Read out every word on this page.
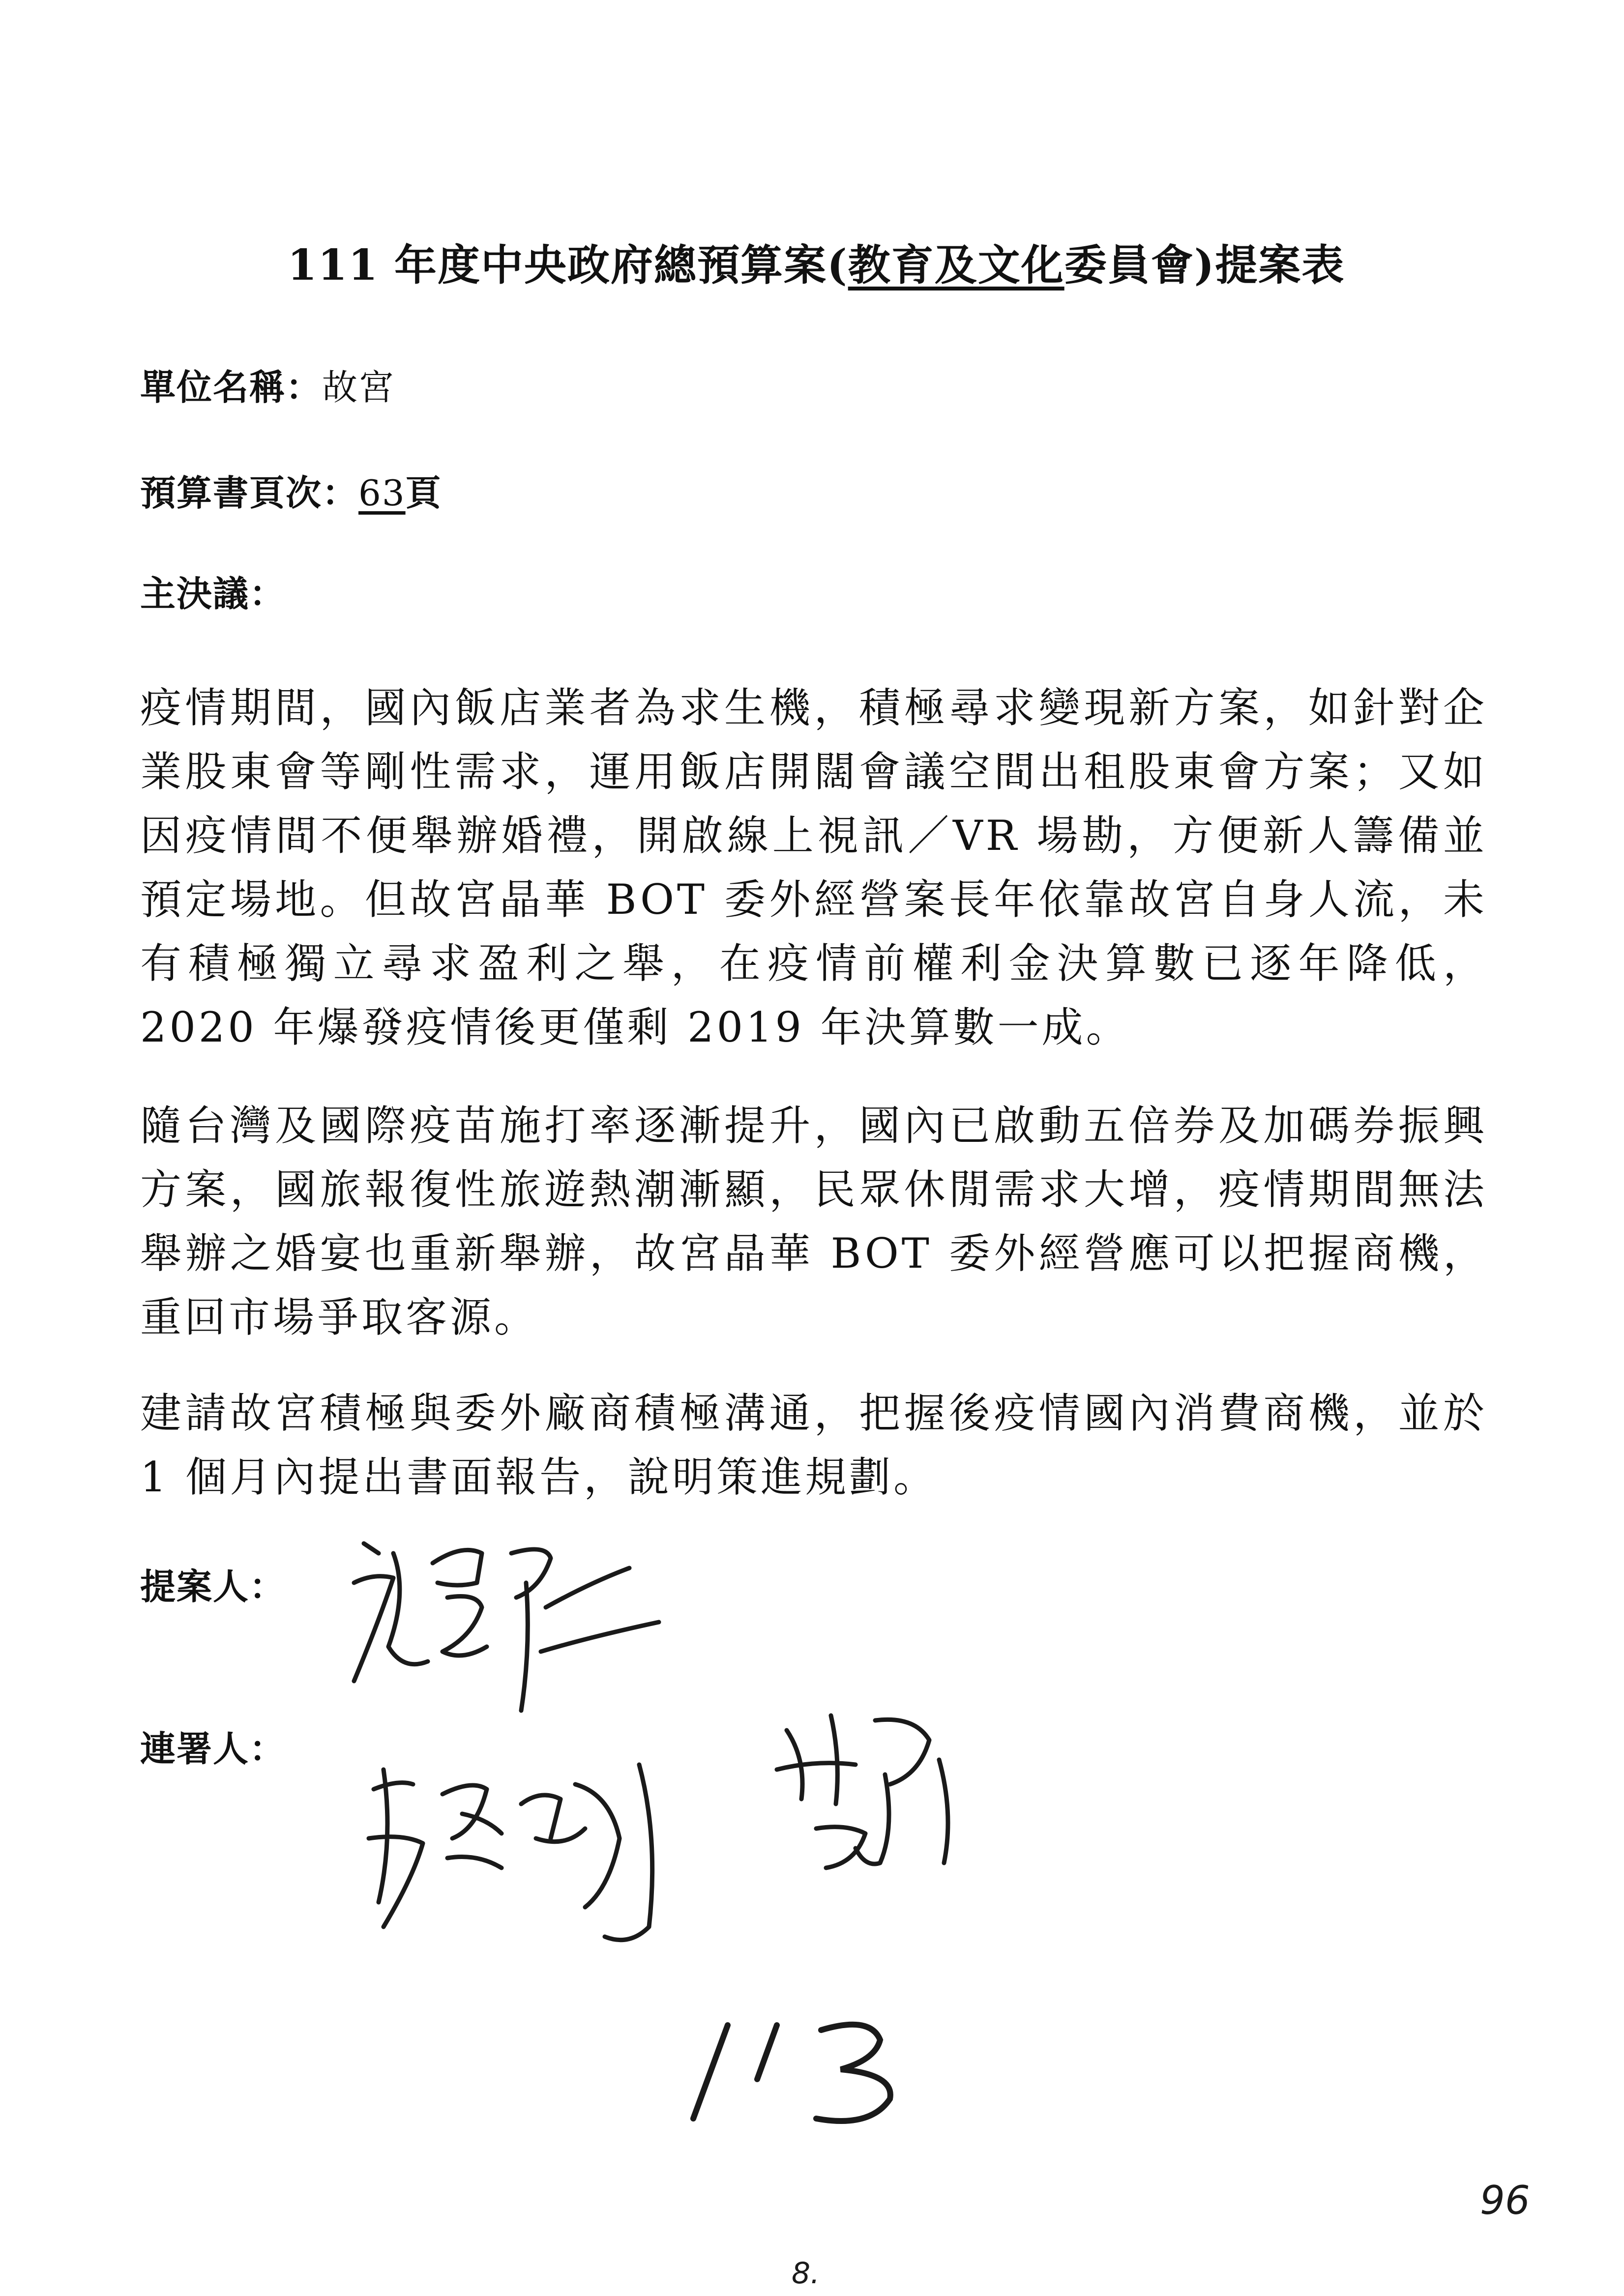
111 年度中央政府總預算案(教育及文化委員會)提案表
單位名稱：故宮
預算書頁次：63頁
主決議：
疫情期間，國內飯店業者為求生機，積極尋求變現新方案，如針對企業股東會等剛性需求，運用飯店開闊會議空間出租股東會方案；又如因疫情間不便舉辦婚禮，開啟線上視訊／VR 場勘，方便新人籌備並預定場地。但故宮晶華 BOT 委外經營案長年依靠故宮自身人流，未有積極獨立尋求盈利之舉，在疫情前權利金決算數已逐年降低，2020 年爆發疫情後更僅剩 2019 年決算數一成。
隨台灣及國際疫苗施打率逐漸提升，國內已啟動五倍券及加碼券振興方案，國旅報復性旅遊熱潮漸顯，民眾休閒需求大增，疫情期間無法舉辦之婚宴也重新舉辦，故宮晶華 BOT 委外經營應可以把握商機，重回市場爭取客源。
建請故宮積極與委外廠商積極溝通，把握後疫情國內消費商機，並於 1 個月內提出書面報告，說明策進規劃。
提案人：
連署人：
96
8.
